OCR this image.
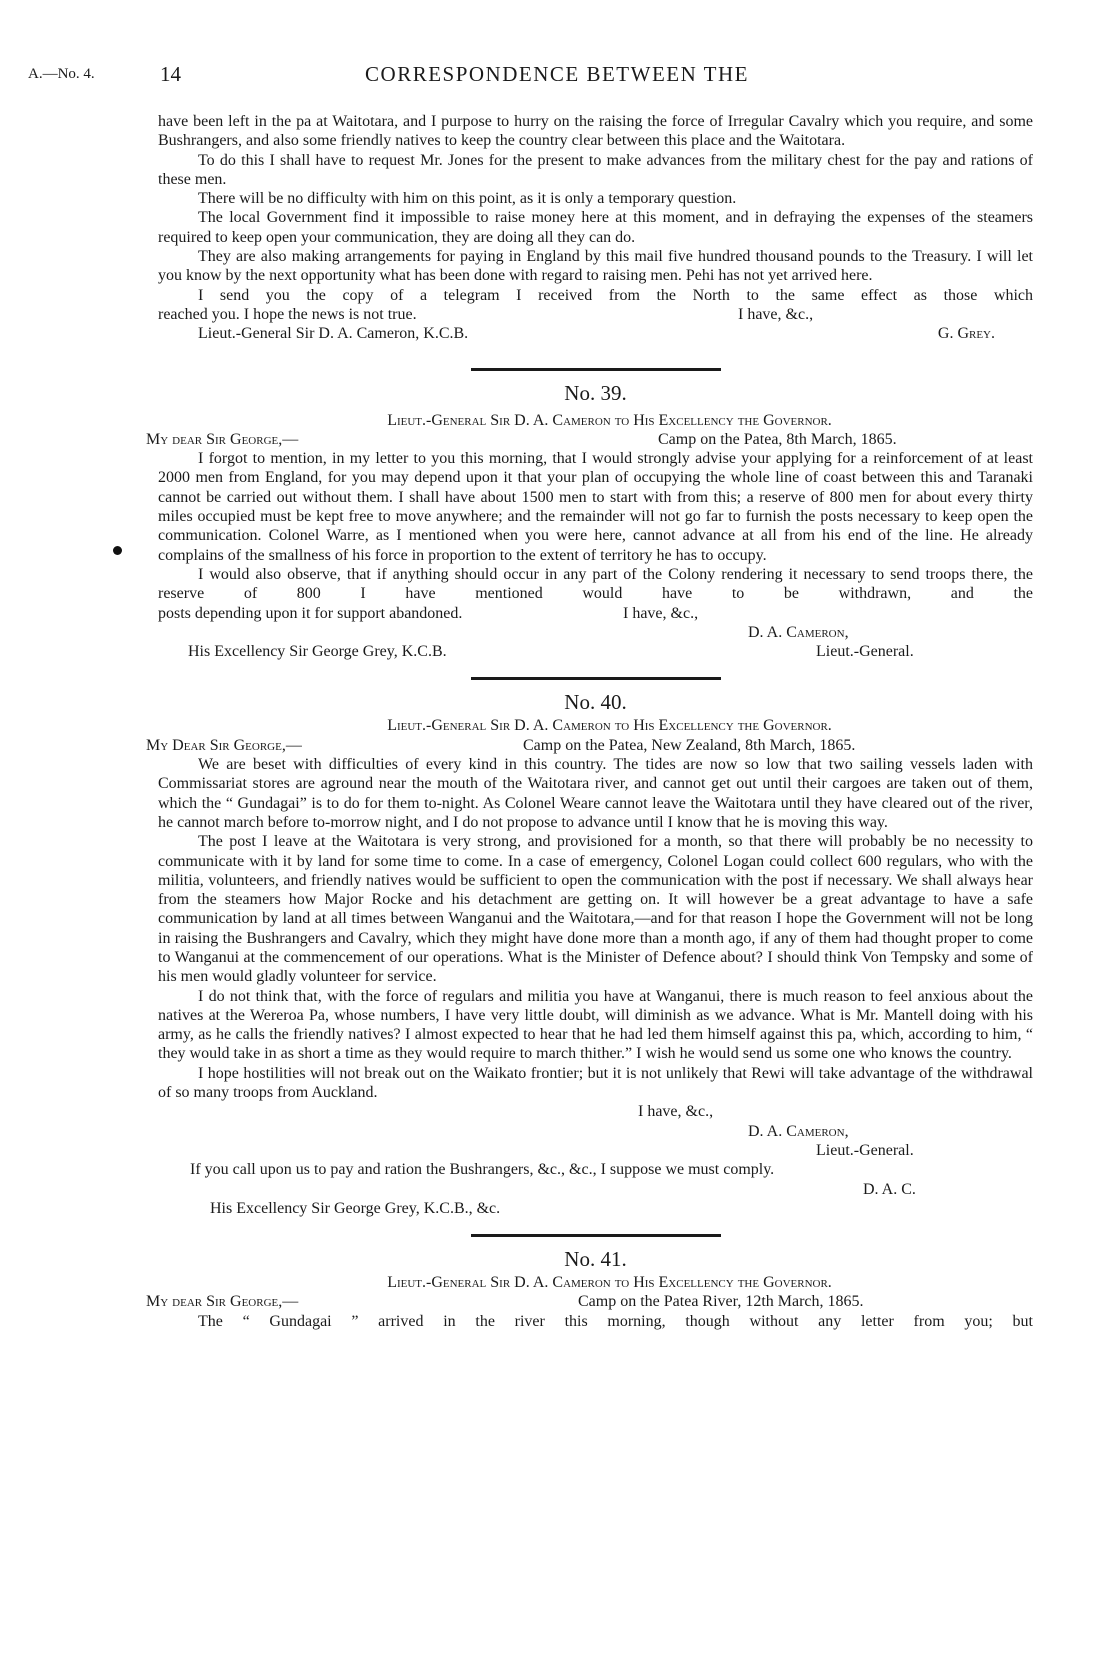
A.—No. 4.	14	CORRESPONDENCE BETWEEN THE

have been left in the pa at Waitotara, and I purpose to hurry on the raising the force of Irregular Cavalry which you require, and some Bushrangers, and also some friendly natives to keep the country clear between this place and the Waitotara.

To do this I shall have to request Mr. Jones for the present to make advances from the military chest for the pay and rations of these men.

There will be no difficulty with him on this point, as it is only a temporary question.

The local Government find it impossible to raise money here at this moment, and in defraying the expenses of the steamers required to keep open your communication, they are doing all they can do.

They are also making arrangements for paying in England by this mail five hundred thousand pounds to the Treasury. I will let you know by the next opportunity what has been done with regard to raising men. Pehi has not yet arrived here.

I send you the copy of a telegram I received from the North to the same effect as those which

reached you. I hope the news is not true.	I have, &c.,
Lieut.-General Sir D. A. Cameron, K.C.B.	G. Grey.
No. 39.
Lieut.-General Sir D. A. Cameron to His Excellency the Governor.
My dear Sir George,—	Camp on the Patea, 8th March, 1865.

I forgot to mention, in my letter to you this morning, that I would strongly advise your applying for a reinforcement of at least 2000 men from England, for you may depend upon it that your plan of occupying the whole line of coast between this and Taranaki cannot be carried out without them. I shall have about 1500 men to start with from this; a reserve of 800 men for about every thirty miles occupied must be kept free to move anywhere; and the remainder will not go far to furnish the posts necessary to keep open the communication. Colonel Warre, as I mentioned when you were here, cannot advance at all from his end of the line. He already complains of the smallness of his force in proportion to the extent of territory he has to occupy.

I would also observe, that if anything should occur in any part of the Colony rendering it necessary to send troops there, the reserve of 800 I have mentioned would have to be withdrawn, and the

posts depending upon it for support abandoned.	I have, &c.,
D. A. Cameron,
His Excellency Sir George Grey, K.C.B.	Lieut.-General.
No. 40.
Lieut.-General Sir D. A. Cameron to His Excellency the Governor.
My Dear Sir George,—	Camp on the Patea, New Zealand, 8th March, 1865.

We are beset with difficulties of every kind in this country. The tides are now so low that two sailing vessels laden with Commissariat stores are aground near the mouth of the Waitotara river, and cannot get out until their cargoes are taken out of them, which the “ Gundagai” is to do for them to-night. As Colonel Weare cannot leave the Waitotara until they have cleared out of the river, he cannot march before to-morrow night, and I do not propose to advance until I know that he is moving this way.

The post I leave at the Waitotara is very strong, and provisioned for a month, so that there will probably be no necessity to communicate with it by land for some time to come. In a case of emergency, Colonel Logan could collect 600 regulars, who with the militia, volunteers, and friendly natives would be sufficient to open the communication with the post if necessary. We shall always hear from the steamers how Major Rocke and his detachment are getting on. It will however be a great advantage to have a safe communication by land at all times between Wanganui and the Waitotara,—and for that reason I hope the Government will not be long in raising the Bushrangers and Cavalry, which they might have done more than a month ago, if any of them had thought proper to come to Wanganui at the commencement of our operations. What is the Minister of Defence about? I should think Von Tempsky and some of his men would gladly volunteer for service.

I do not think that, with the force of regulars and militia you have at Wanganui, there is much reason to feel anxious about the natives at the Wereroa Pa, whose numbers, I have very little doubt, will diminish as we advance. What is Mr. Mantell doing with his army, as he calls the friendly natives? I almost expected to hear that he had led them himself against this pa, which, according to him, “ they would take in as short a time as they would require to march thither.” I wish he would send us some one who knows the country.

I hope hostilities will not break out on the Waikato frontier; but it is not unlikely that Rewi will take advantage of the withdrawal of so many troops from Auckland.

I have, &c.,
D. A. Cameron,
Lieut.-General.
If you call upon us to pay and ration the Bushrangers, &c., &c., I suppose we must comply.
D. A. C.
His Excellency Sir George Grey, K.C.B., &c.
No. 41.
Lieut.-General Sir D. A. Cameron to His Excellency the Governor.
My dear Sir George,—	Camp on the Patea River, 12th March, 1865.

The “ Gundagai ” arrived in the river this morning, though without any letter from you; but
